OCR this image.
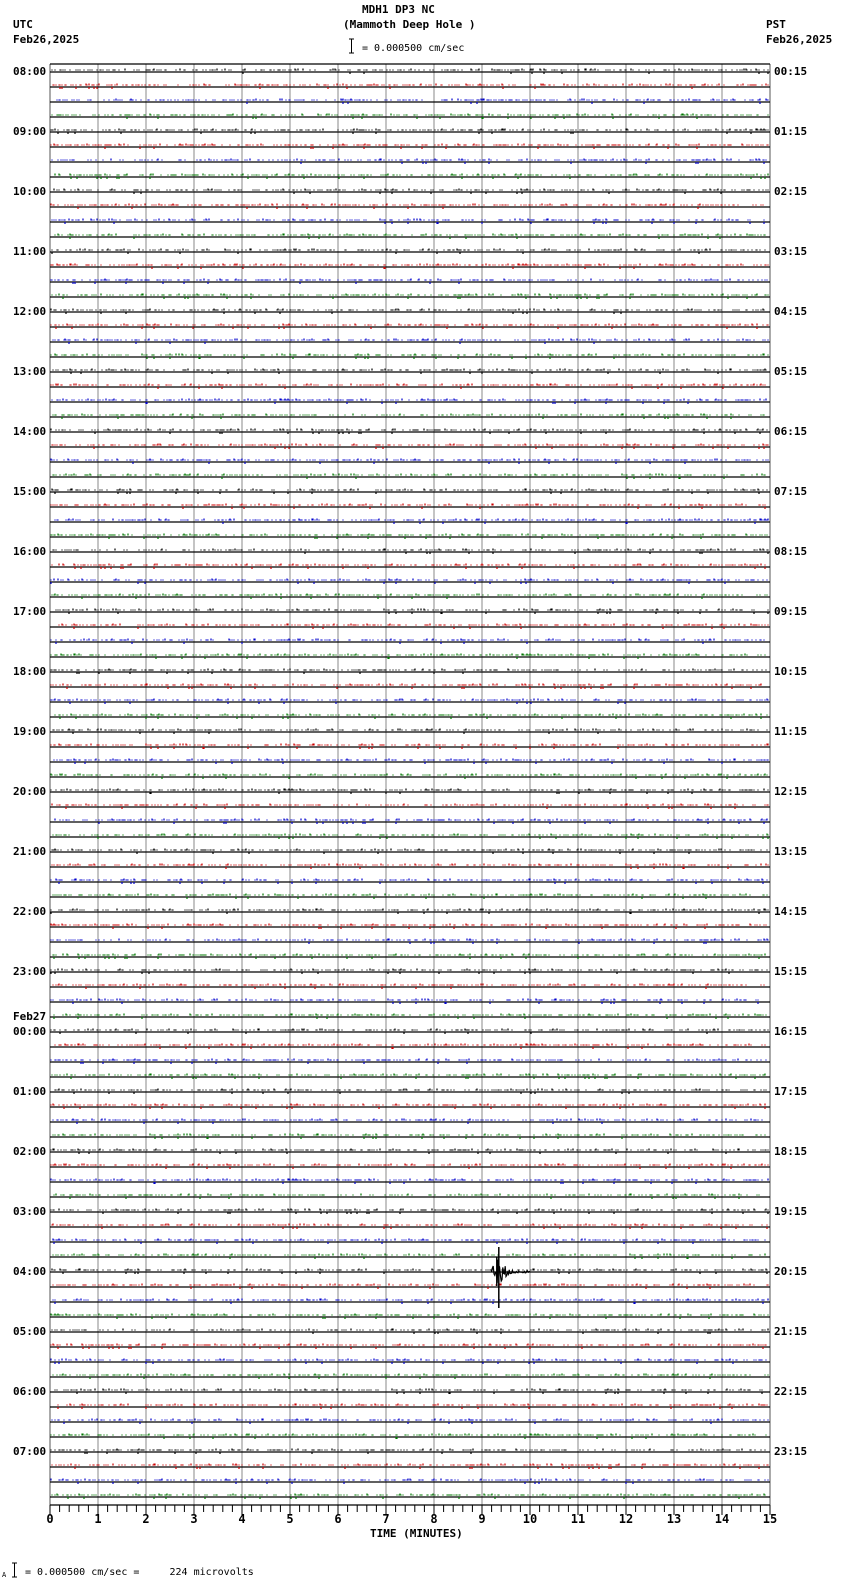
MDH1 DP3 NC
(Mammoth Deep Hole )
UTC
Feb26,2025
PST
Feb26,2025
= 0.000500 cm/sec
0	1	2	3	4	5	6	7	8	9	10	11	12	13	14	15
08:00
09:00
10:00
11:00
12:00
13:00
14:00
15:00
16:00
17:00
18:00
19:00
20:00
21:00
22:00
23:00
00:00
Feb27
01:00
02:00
03:00
04:00
05:00
06:00
07:00
00:15
01:15
02:15
03:15
04:15
05:15
06:15
07:15
08:15
09:15
10:15
11:15
12:15
13:15
14:15
15:15
16:15
17:15
18:15
19:15
20:15
21:15
22:15
23:15
TIME (MINUTES)
A = 0.000500 cm/sec =     224 microvolts
